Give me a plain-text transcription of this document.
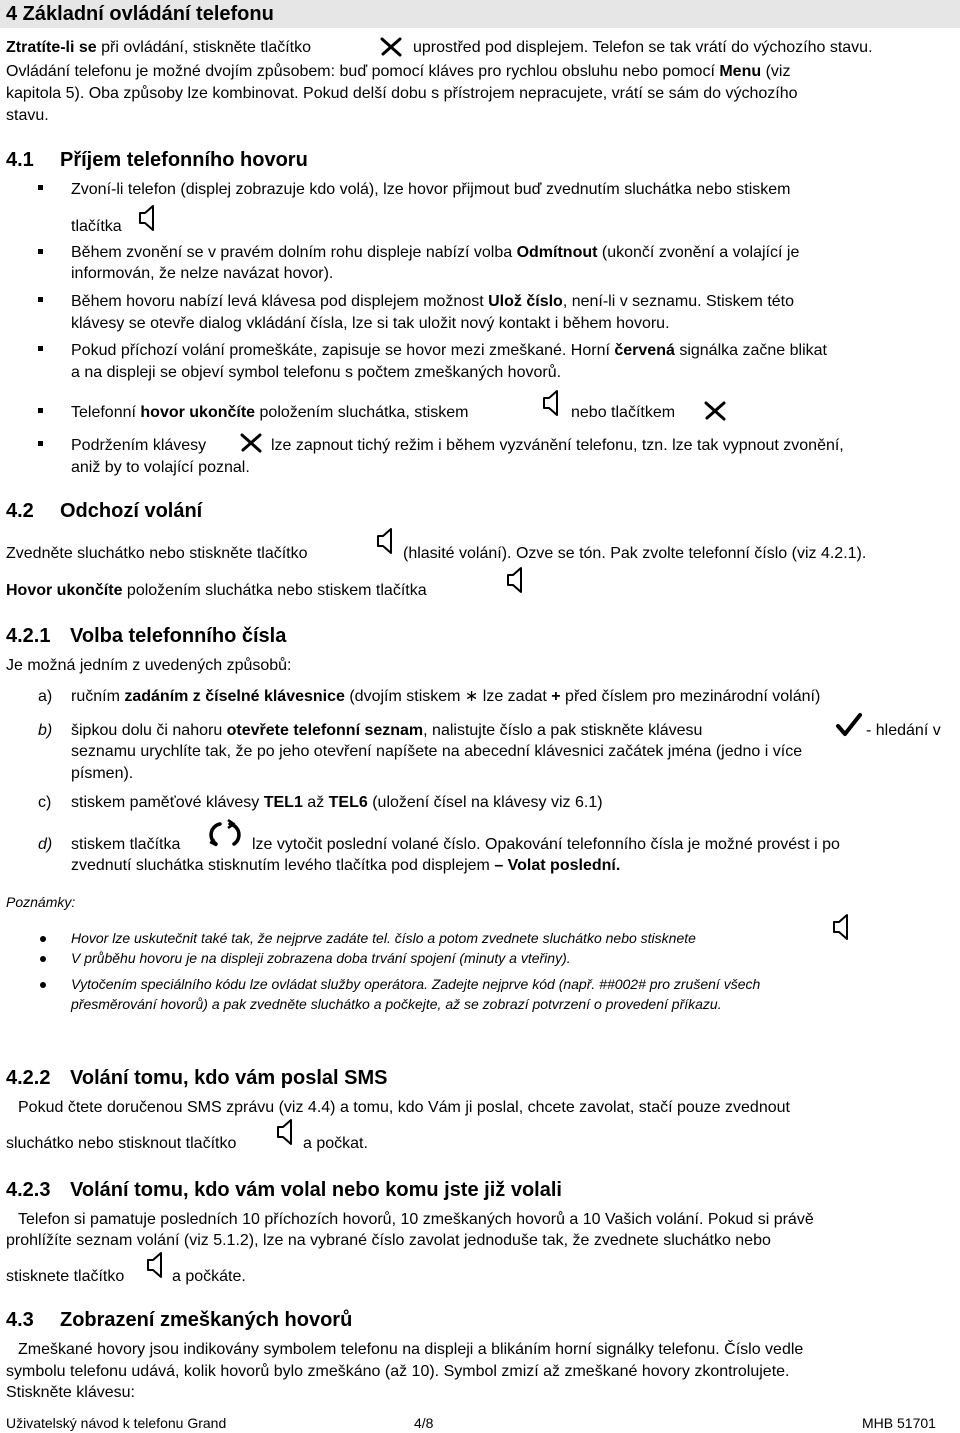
4 Základní ovládání telefonu
Ztratíte-li se při ovládání, stiskněte tlačítko	uprostřed pod displejem. Telefon se tak vrátí do výchozího stavu.
Ovládání telefonu je možné dvojím způsobem: buď pomocí kláves pro rychlou obsluhu nebo pomocí Menu (viz
kapitola 5). Oba způsoby lze kombinovat. Pokud delší dobu s přístrojem nepracujete, vrátí se sám do výchozího
stavu.
4.1 Příjem telefonního hovoru
Zvoní-li telefon (displej zobrazuje kdo volá), lze hovor přijmout buď zvednutím sluchátka nebo stiskem
tlačítka
Během zvonění se v pravém dolním rohu displeje nabízí volba Odmítnout (ukončí zvonění a volající je
informován, že nelze navázat hovor).
Během hovoru nabízí levá klávesa pod displejem možnost Ulož číslo, není-li v seznamu. Stiskem této
klávesy se otevře dialog vkládání čísla, lze si tak uložit nový kontakt i během hovoru.
Pokud příchozí volání promeškáte, zapisuje se hovor mezi zmeškané. Horní červená signálka začne blikat
a na displeji se objeví symbol telefonu s počtem zmeškaných hovorů.
Telefonní hovor ukončíte položením sluchátka, stiskem	nebo tlačítkem
Podržením klávesy	lze zapnout tichý režim i během vyzvánění telefonu, tzn. lze tak vypnout zvonění,
aniž by to volající poznal.
4.2 Odchozí volání
Zvedněte sluchátko nebo stiskněte tlačítko	(hlasité volání). Ozve se tón. Pak zvolte telefonní číslo (viz 4.2.1).
Hovor ukončíte položením sluchátka nebo stiskem tlačítka
4.2.1 Volba telefonního čísla
Je možná jedním z uvedených způsobů:
a) ručním zadáním z číselné klávesnice (dvojím stiskem ∗ lze zadat + před číslem pro mezinárodní volání)
b) šipkou dolu či nahoru otevřete telefonní seznam, nalistujte číslo a pak stiskněte klávesu	- hledání v
seznamu urychlíte tak, že po jeho otevření napíšete na abecední klávesnici začátek jména (jedno i více
písmen).
c) stiskem paměťové klávesy TEL1 až TEL6 (uložení čísel na klávesy viz 6.1)
d) stiskem tlačítka	lze vytočit poslední volané číslo. Opakování telefonního čísla je možné provést i po
zvednutí sluchátka stisknutím levého tlačítka pod displejem – Volat poslední.
Poznámky:
Hovor lze uskutečnit také tak, že nejprve zadáte tel. číslo a potom zvednete sluchátko nebo stisknete
V průběhu hovoru je na displeji zobrazena doba trvání spojení (minuty a vteřiny).
Vytočením speciálního kódu lze ovládat služby operátora. Zadejte nejprve kód (např. ##002# pro zrušení všech
přesměrování hovorů) a pak zvedněte sluchátko a počkejte, až se zobrazí potvrzení o provedení příkazu.
4.2.2 Volání tomu, kdo vám poslal SMS
Pokud čtete doručenou SMS zprávu (viz 4.4) a tomu, kdo Vám ji poslal, chcete zavolat, stačí pouze zvednout
sluchátko nebo stisknout tlačítko	a počkat.
4.2.3 Volání tomu, kdo vám volal nebo komu jste již volali
Telefon si pamatuje posledních 10 příchozích hovorů, 10 zmeškaných hovorů a 10 Vašich volání. Pokud si právě
prohlížíte seznam volání (viz 5.1.2), lze na vybrané číslo zavolat jednoduše tak, že zvednete sluchátko nebo
stisknete tlačítko	a počkáte.
4.3 Zobrazení zmeškaných hovorů
Zmeškané hovory jsou indikovány symbolem telefonu na displeji a blikáním horní signálky telefonu. Číslo vedle
symbolu telefonu udává, kolik hovorů bylo zmeškáno (až 10). Symbol zmizí až zmeškané hovory zkontrolujete.
Stiskněte klávesu:
Uživatelský návod k telefonu Grand	4/8	MHB 51701
